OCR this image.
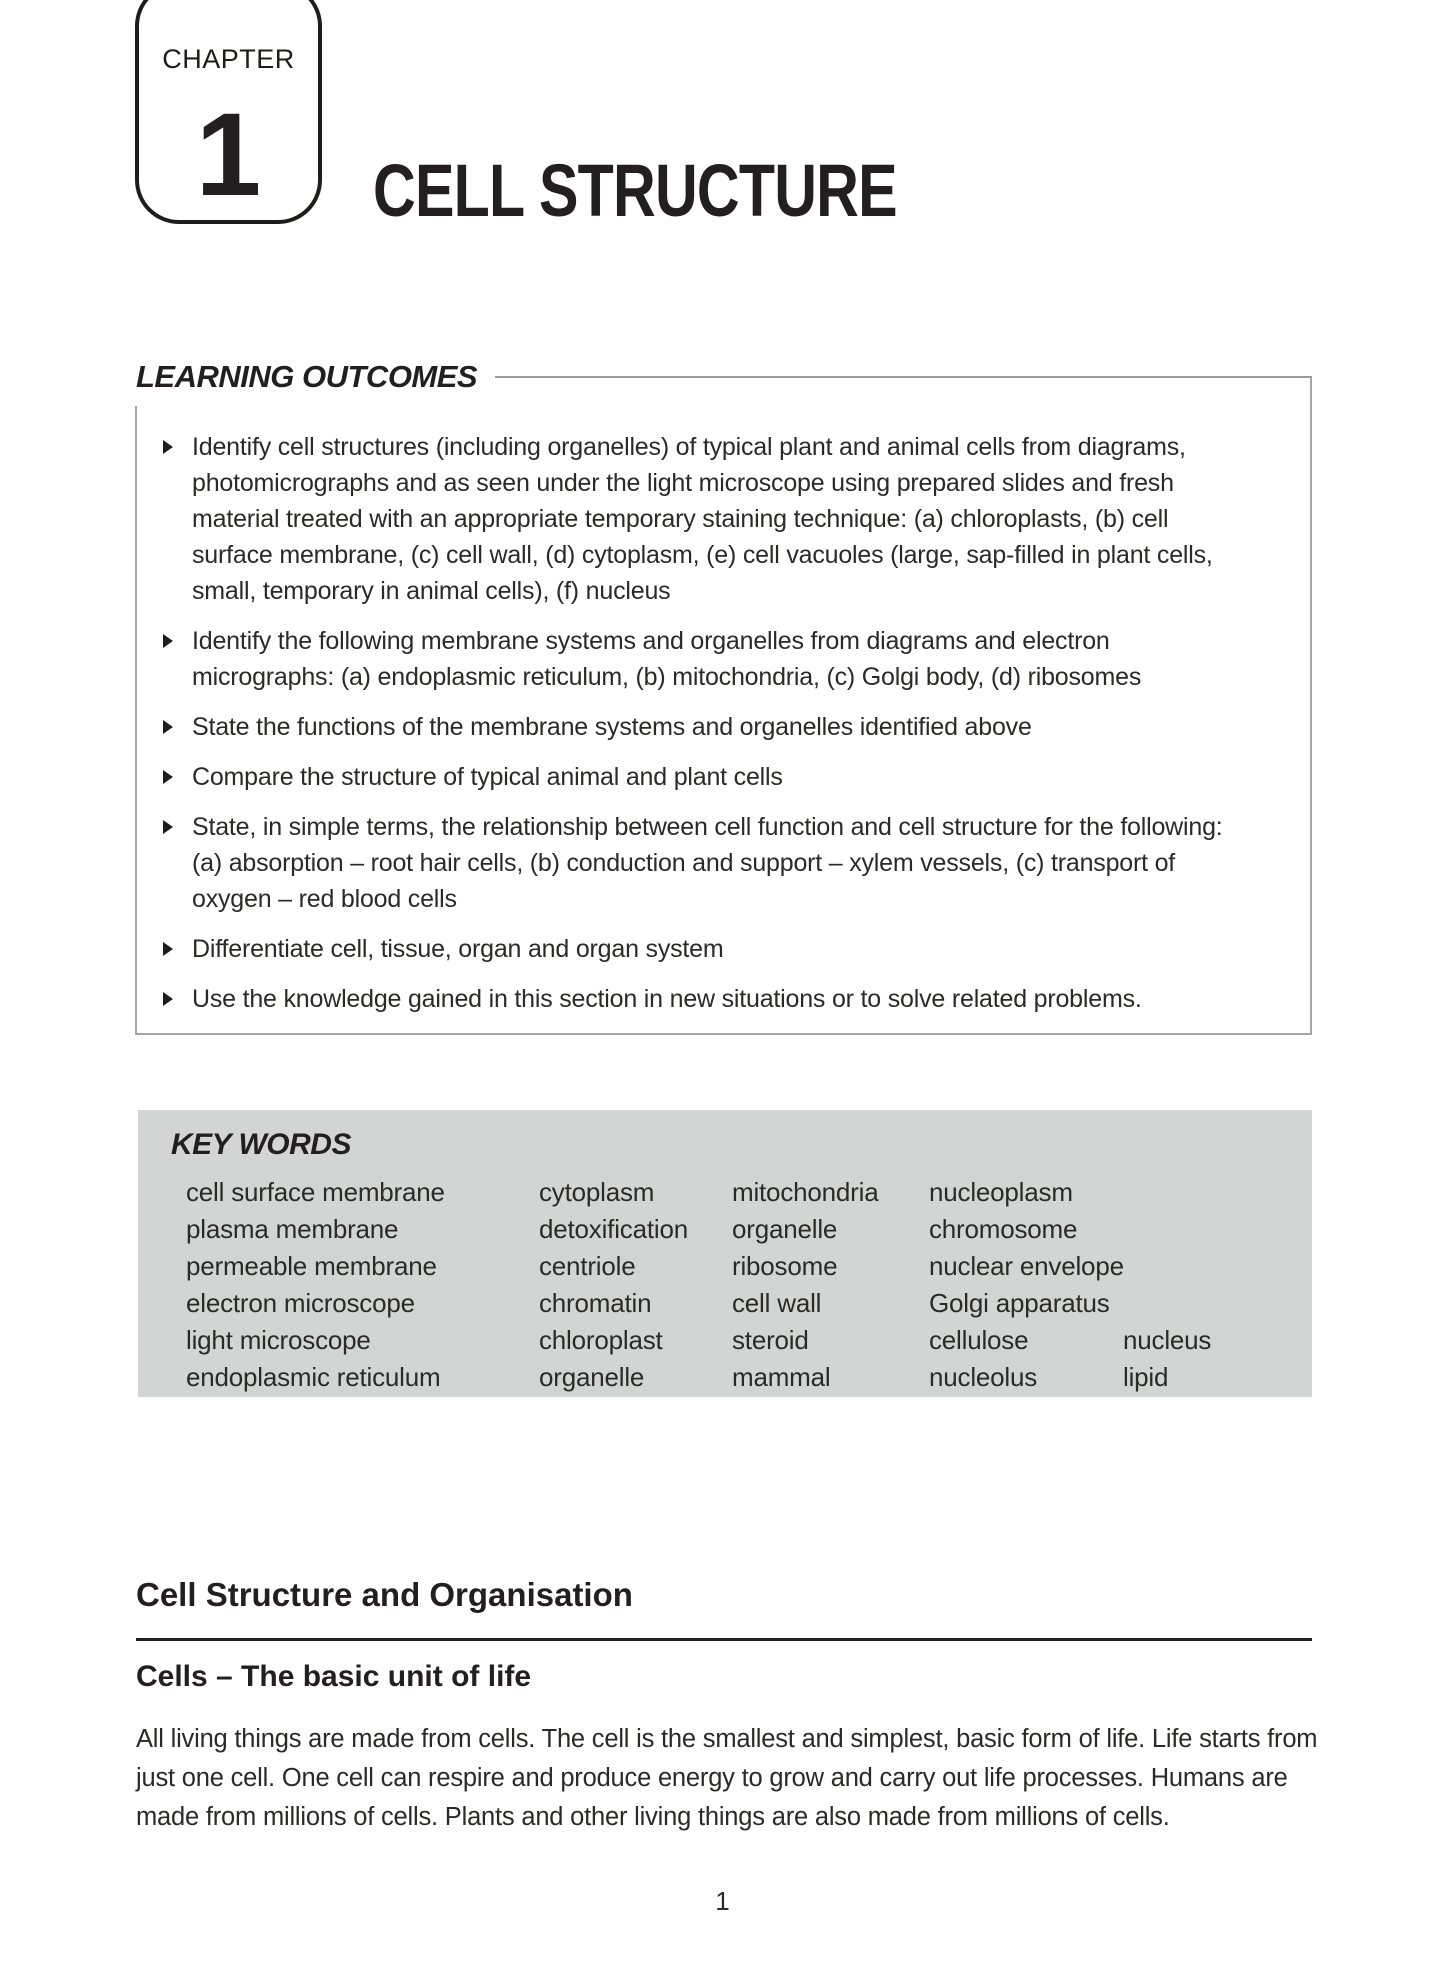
CHAPTER
1	CELL STRUCTURE
LEARNING OUTCOMES
Identify cell structures (including organelles) of typical plant and animal cells from diagrams, photomicrographs and as seen under the light microscope using prepared slides and fresh material treated with an appropriate temporary staining technique: (a) chloroplasts, (b) cell surface membrane, (c) cell wall, (d) cytoplasm, (e) cell vacuoles (large, sap-filled in plant cells, small, temporary in animal cells), (f) nucleus
Identify the following membrane systems and organelles from diagrams and electron micrographs: (a) endoplasmic reticulum, (b) mitochondria, (c) Golgi body, (d) ribosomes
State the functions of the membrane systems and organelles identified above
Compare the structure of typical animal and plant cells
State, in simple terms, the relationship between cell function and cell structure for the following: (a) absorption – root hair cells, (b) conduction and support – xylem vessels, (c) transport of oxygen – red blood cells
Differentiate cell, tissue, organ and organ system
Use the knowledge gained in this section in new situations or to solve related problems.
KEY WORDS
cell surface membrane	cytoplasm	mitochondria	nucleoplasm
plasma membrane	detoxification	organelle	chromosome
permeable membrane	centriole	ribosome	nuclear envelope
electron microscope	chromatin	cell wall	Golgi apparatus
light microscope	chloroplast	steroid	cellulose	nucleus
endoplasmic reticulum	organelle	mammal	nucleolus	lipid
Cell Structure and Organisation
Cells – The basic unit of life
All living things are made from cells. The cell is the smallest and simplest, basic form of life. Life starts from just one cell. One cell can respire and produce energy to grow and carry out life processes. Humans are made from millions of cells. Plants and other living things are also made from millions of cells.
1
